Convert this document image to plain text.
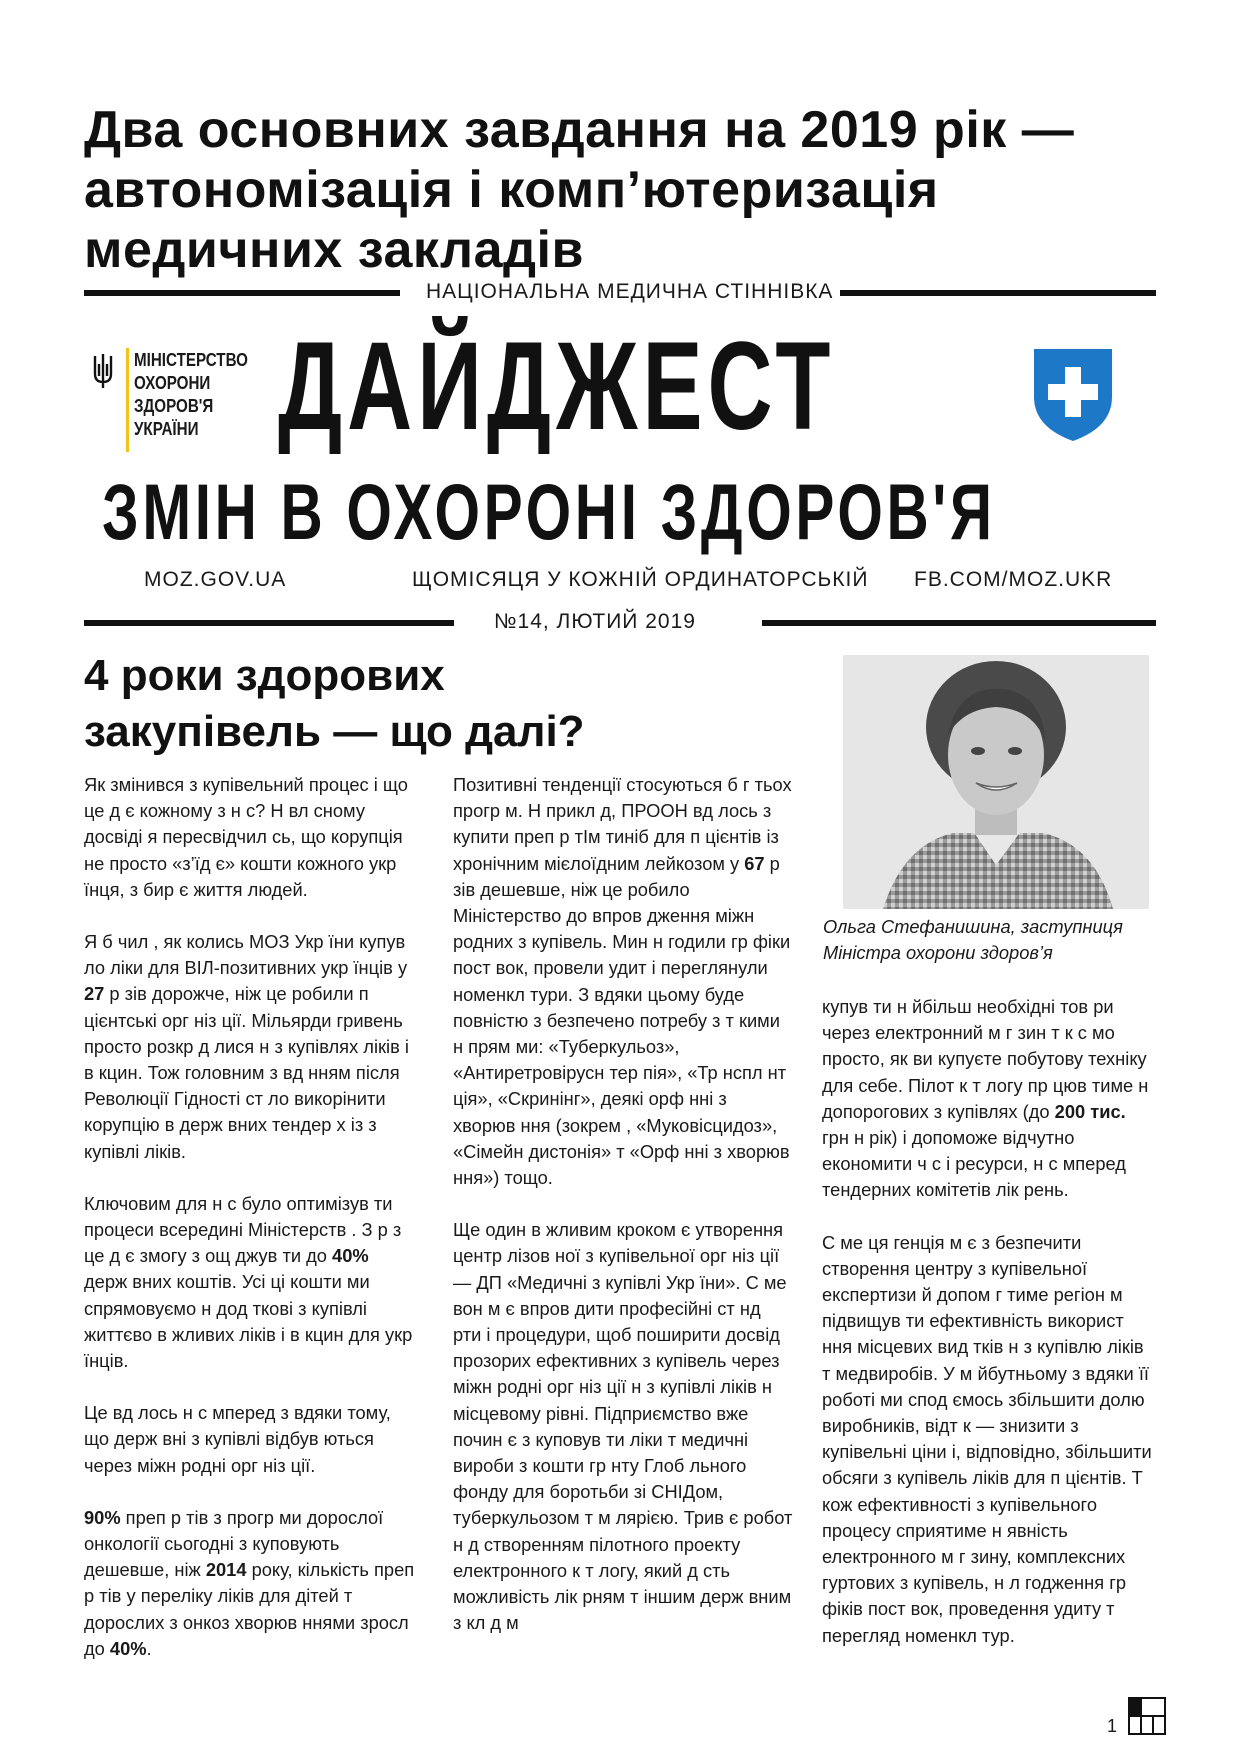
Два основних завдання на 2019 рік —
автономізація і комп’ютеризація
медичних закладів
НАЦІОНАЛЬНА МЕДИЧНА СТІННІВКА
МІНІСТЕРСТВО
ОХОРОНИ
ЗДОРОВ'Я
УКРАЇНИ ДАЙДЖЕСТ
ЗМІН В ОХОРОНІ ЗДОРОВ'Я
MOZ.GOV.UA	ЩОМІСЯЦЯ У КОЖНІЙ ОРДИНАТОРСЬКІЙ FB.COM/MOZ.UKR
№14, ЛЮТИЙ 2019
4 роки здорових
закупівель — що далі?
Ольга Стефанишина, заступниця
Міністра охорони здоров’я

Як змінився з купівельний процес і що це д є кожному з н с? Н вл сному досвіді я пересвідчил сь, що корупція не просто «з’їд є» кошти кожного укр їнця, з бир є життя людей.

Я б чил , як колись МОЗ Укр їни купув ло ліки для ВІЛ-позитивних укр їнців у 27 р зів дорожче, ніж це робили п цієнтські орг ніз ції. Мільярди гривень просто розкр д лися н з купівлях ліків і в кцин. Тож головним з вд нням після Революції Гідності ст ло викорінити корупцію в держ вних тендер х із з купівлі ліків.

Ключовим для н с було оптимізув ти процеси всередині Міністерств . З р з це д є змогу з ощ джув ти до 40% держ вних коштів. Усі ці кошти ми спрямовуємо н дод ткові з купівлі життєво в жливих ліків і в кцин для укр їнців.

Це вд лось н с мперед з вдяки тому, що держ вні з купівлі відбув ються через міжн родні орг ніз ції.

90% преп р тів з прогр ми дорослої онкології сьогодні з куповують дешевше, ніж 2014 року, кількість преп р тів у переліку ліків для дітей т дорослих з онкоз хворюв ннями зросл до 40%.

Позитивні тенденції стосуються б г тьох прогр м. Н прикл д, ПРООН вд лось з купити преп р тІм тиніб для п цієнтів із хронічним мієлоїдним лейкозом у 67 р зів дешевше, ніж це робило Міністерство до впров дження міжн родних з купівель. Мин н годили гр фіки пост вок, провели удит і переглянули номенкл тури. З вдяки цьому буде повністю з безпечено потребу з т кими н прям ми: «Туберкульоз», «Антиретровірусн тер пія», «Тр нспл нт ція», «Скринінг», деякі орф нні з хворюв ння (зокрем , «Муковісцидоз», «Сімейн дистонія» т «Орф нні з хворюв ння») тощо.

Ще один в жливим кроком є утворення центр лізов ної з купівельної орг ніз ції — ДП «Медичні з купівлі Укр їни». С ме вон м є впров дити професійні ст нд рти і процедури, щоб поширити досвід прозорих ефективних з купівель через міжн родні орг ніз ції н з купівлі ліків н місцевому рівні. Підприємство вже почин є з куповув ти ліки т медичні вироби з кошти гр нту Глоб льного фонду для боротьби зі СНІДом, туберкульозом т м лярією. Трив є робот н д створенням пілотного проекту електронного к т логу, який д сть можливість лік рням т іншим держ вним з кл д м

купув ти н йбільш необхідні тов ри через електронний м г зин т к с мо просто, як ви купуєте побутову техніку для себе. Пілот к т логу пр цюв тиме н допорогових з купівлях (до 200 тис. грн н рік) і допоможе відчутно економити ч с і ресурси, н с мперед тендерних комітетів лік рень.

С ме ця генція м є з безпечити створення центру з купівельної експертизи й допом г тиме регіон м підвищув ти ефективність використ ння місцевих вид тків н з купівлю ліків т медвиробів. У м йбутньому з вдяки її роботі ми спод ємось збільшити долю виробників, відт к — знизити з купівельні ціни і, відповідно, збільшити обсяги з купівель ліків для п цієнтів. Т кож ефективності з купівельного процесу сприятиме н явність електронного м г зину, комплексних гуртових з купівель, н л годження гр фіків пост вок, проведення удиту т перегляд номенкл тур.

1
